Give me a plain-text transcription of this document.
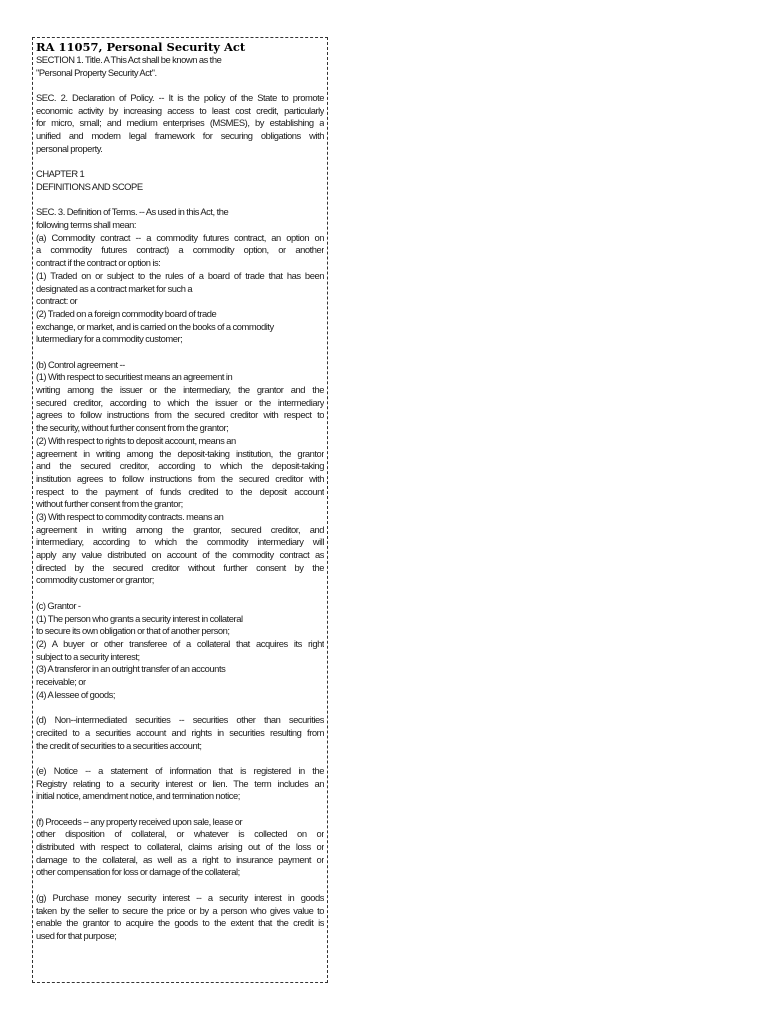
RA 11057, Personal Security Act

SECTION 1. Title. A This Act shall be known as the
"Personal Property Security Act".

SEC. 2. Declaration of Policy. -- It is the policy of the State to promote
economic activity by increasing access to least cost credit, particularly
for micro, small; and medium enterprises (MSMES), by establishing a
unified and modern legal framework for securing obligations with
personal property.

CHAPTER 1
DEFINITIONS AND SCOPE

SEC. 3. Definition of Terms. -- As used in this Act, the
following terms shall mean:
(a) Commodity contract -- a commodity futures contract, an option on
a commodity futures contract) a commodity option, or another
contract if the contract or option is:
(1) Traded on or subject to the rules of a board of trade that has been
designated as a contract market for such a
contract: or
(2) Traded on a foreign commodity board of trade
exchange, or market, and is carried on the books of a commodity
lutermediary for a commodity customer;

(b) Control agreement --
(1) With respect to securitiest means an agreement in
writing among the issuer or the intermediary, the grantor and the
secured creditor, according to which the issuer or the intermediary
agrees to follow instructions from the secured creditor with respect to
the security, without further consent from the grantor;
(2) With respect to rights to deposit account, means an
agreement in writing among the deposit-taking institution, the grantor
and the secured creditor, according to which the deposit-taking
institution agrees to follow instructions from the secured creditor with
respect to the payment of funds credited to the deposit account
without further consent from the grantor;
(3) With respect to commodity contracts. means an
agreement in writing among the grantor, secured creditor, and
intermediary, according to which the commodity intermediary will
apply any value distributed on account of the commodity contract as
directed by the secured creditor without further consent by the
commodity customer or grantor;

(c) Grantor -
(1) The person who grants a security interest in collateral
to secure its own obligation or that of another person;
(2) A buyer or other transferee of a collateral that acquires its right
subject to a security interest;
(3) A transferor in an outright transfer of an accounts
receivable; or
(4) A lessee of goods;

(d) Non--intermediated securities -- securities other than securities
creciited to a securities account and rights in securities resulting from
the credit of securities to a securities account;

(e) Notice -- a statement of information that is registered in the
Registry relating to a security interest or lien. The term includes an
initial notice, amendment notice, and termination notice;

(f) Proceeds -- any property received upon sale, lease or
other disposition of collateral, or whatever is collected on or
distributed with respect to collateral, claims arising out of the loss or
damage to the collateral, as well as a right to insurance payment or
other compensation for loss or damage of the collateral;

(g) Purchase money security interest -- a security interest in goods
taken by the seller to secure the price or by a person who gives value to
enable the grantor to acquire the goods to the extent that the credit is
used for that purpose;
